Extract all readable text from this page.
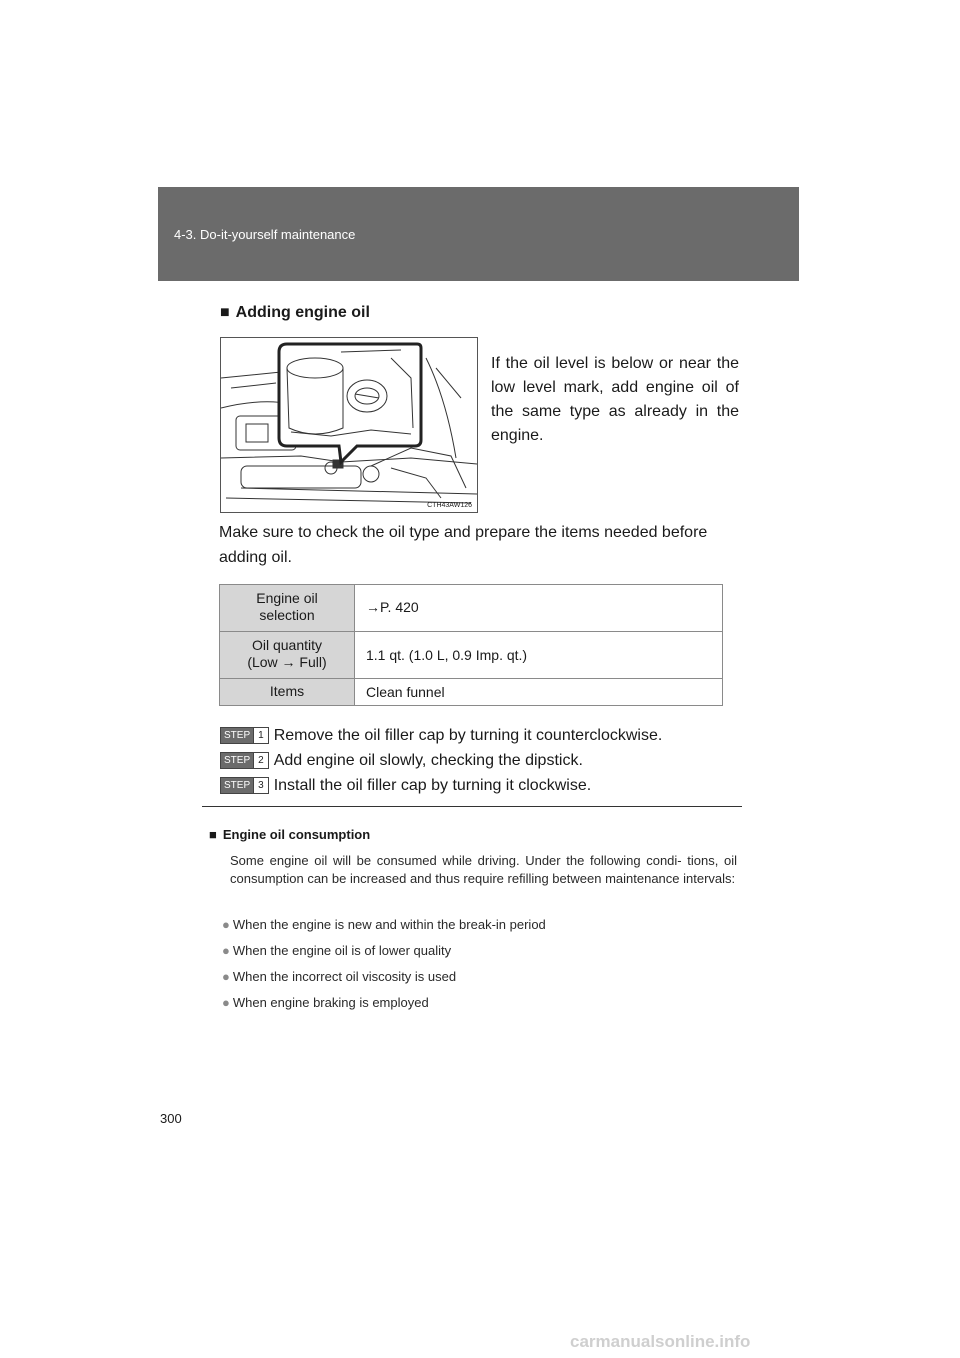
4-3. Do-it-yourself maintenance
■ Adding engine oil
CTH43AW126
If the oil level is below or near the low level mark, add engine oil of the same type as already in the engine.
Make sure to check the oil type and prepare the items needed before adding oil.
Engine oil
selection	→P. 420

Oil quantity
(Low → Full)	1.1 qt. (1.0 L, 0.9 Imp. qt.)

Items	Clean funnel
STEP 1 Remove the oil filler cap by turning it counterclockwise.
STEP 2 Add engine oil slowly, checking the dipstick.
STEP 3 Install the oil filler cap by turning it clockwise.
■ Engine oil consumption
Some engine oil will be consumed while driving. Under the following condi- tions, oil consumption can be increased and thus require refilling between maintenance intervals:
● When the engine is new and within the break-in period
● When the engine oil is of lower quality
● When the incorrect oil viscosity is used
● When engine braking is employed
300
carmanualsonline.info
